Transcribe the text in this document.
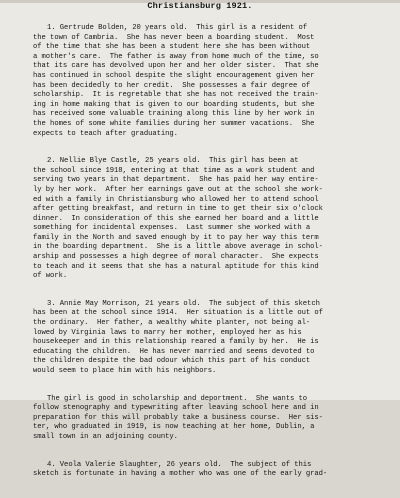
Christiansburg 1921.
1. Gertrude Bolden, 20 years old.  This girl is a resident of
the town of Cambria.  She has never been a boarding student.  Most
of the time that she has been a student here she has been without
a mother's care.  The father is away from home much of the time, so
that its care has devolved upon her and her older sister.  That she
has continued in school despite the slight encouragement given her
has been decidedly to her credit.  She possesses a fair degree of
scholarship.  It is regretable that she has not received the train-
ing in home making that is given to our boarding students, but she
has received some valuable training along this line by her work in
the homes of some white families during her summer vacations.  She
expects to teach after graduating.
2. Nellie Blye Castle, 25 years old.  This girl has been at
the school since 1918, entering at that time as a work student and
serving two years in that department.  She has paid her way entire-
ly by her work.  After her earnings gave out at the school she work-
ed with a family in Christiansburg who allowed her to attend school
after getting breakfast, and return in time to get their six o'clock
dinner.  In consideration of this she earned her board and a little
something for incidental expenses.  Last summer she worked with a
family in the North and saved enough by it to pay her way this term
in the boarding department.  She is a little above average in schol-
arship and possesses a high degree of moral character.  She expects
to teach and it seems that she has a natural aptitude for this kind
of work.
3. Annie May Morrison, 21 years old.  The subject of this sketch
has been at the school since 1914.  Her situation is a little out of
the ordinary.  Her father, a wealthy white planter, not being al-
lowed by Virginia laws to marry her mother, employed her as his
housekeeper and in this relationship reared a family by her.  He is
educating the children.  He has never married and seems devoted to
the children despite the bad odour which this part of his conduct
would seem to place him with his neighbors.
The girl is good in scholarship and deportment.  She wants to
follow stenography and typewriting after leaving school here and in
preparation for this will probably take a business course.  Her sis-
ter, who graduated in 1919, is now teaching at her home, Dublin, a
small town in an adjoining county.
4. Veola Valerie Slaughter, 26 years old.  The subject of this
sketch is fortunate in having a mother who was one of the early grad-
